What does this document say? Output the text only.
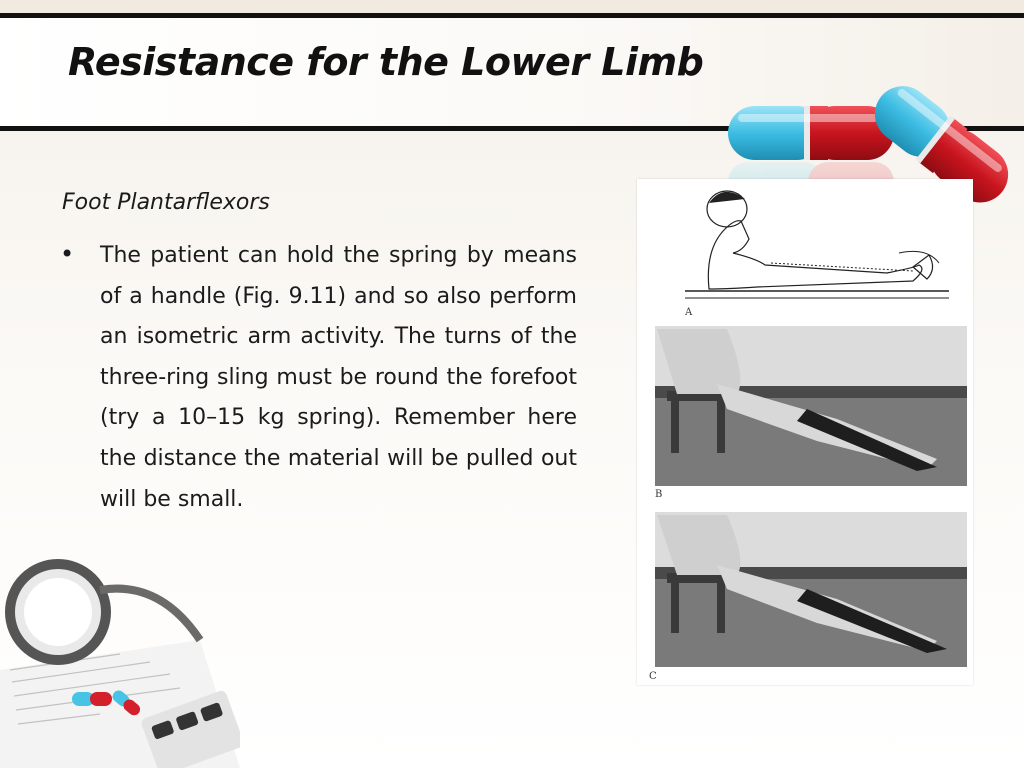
Resistance for the Lower Limb
Foot Plantarflexors
• The patient can hold the spring by means of a handle (Fig. 9.11) and so also perform an isometric arm activity. The turns of the three-ring sling must be round the forefoot (try a 10–15 kg spring). Remember here the distance the material will be pulled out will be small.

A
B
C
